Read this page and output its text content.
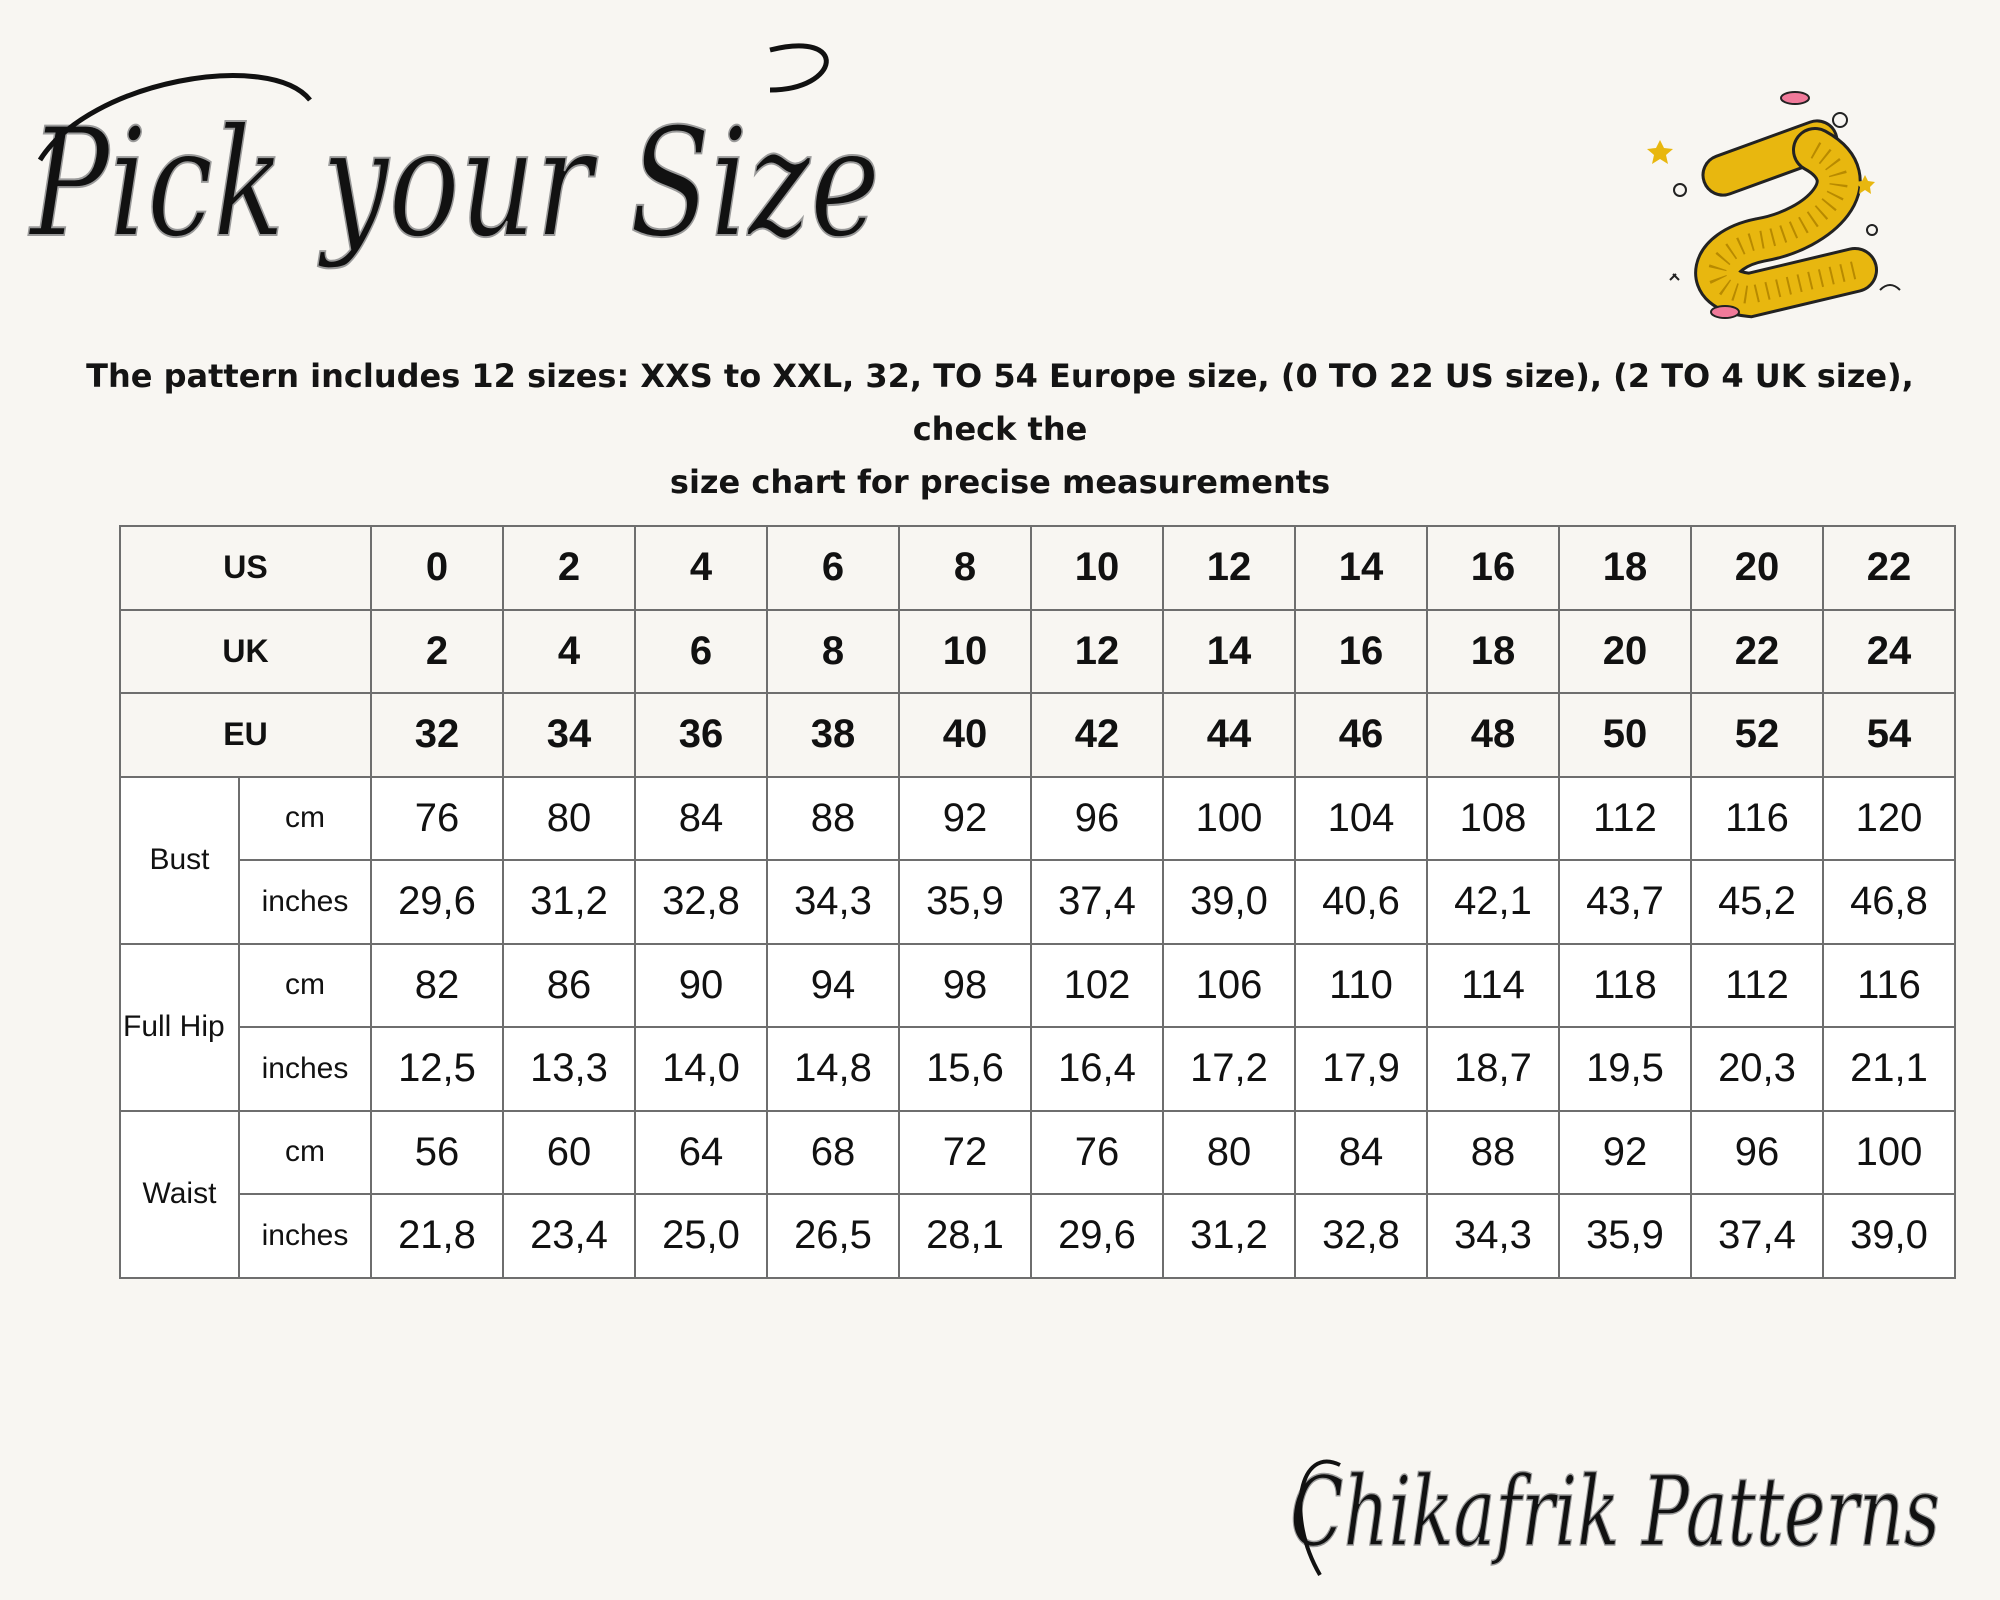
Pick your Size
The pattern includes 12 sizes: XXS to XXL, 32, TO 54 Europe size, (0 TO 22 US size), (2 TO 4 UK size), check the
size chart for precise measurements
US		0	2	4	6	8	10	12	14	16	18	20	22
UK		2	4	6	8	10	12	14	16	18	20	22	24
EU		32	34	36	38	40	42	44	46	48	50	52	54
Bust	cm	76	80	84	88	92	96	100	104	108	112	116	120
	inches	29,6	31,2	32,8	34,3	35,9	37,4	39,0	40,6	42,1	43,7	45,2	46,8
Full Hip	cm	82	86	90	94	98	102	106	110	114	118	112	116
	inches	12,5	13,3	14,0	14,8	15,6	16,4	17,2	17,9	18,7	19,5	20,3	21,1
Waist	cm	56	60	64	68	72	76	80	84	88	92	96	100
	inches	21,8	23,4	25,0	26,5	28,1	29,6	31,2	32,8	34,3	35,9	37,4	39,0
Chikafrik Patterns
